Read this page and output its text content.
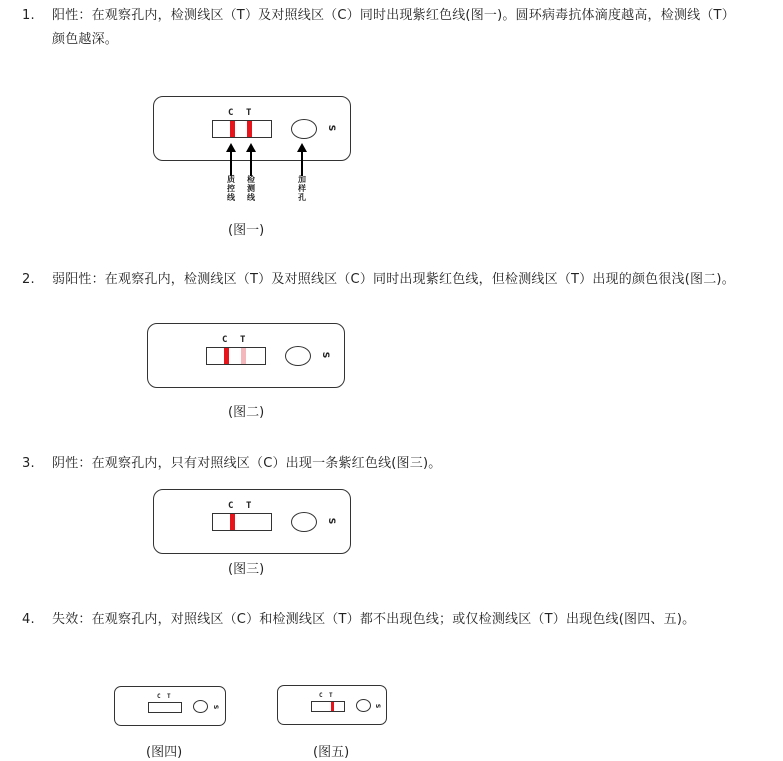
1.	阳性：在观察孔内，检测线区（T）及对照线区（C）同时出现紫红色线(图一)。圆环病毒抗体滴度越高，检测线（T）颜色越深。
C T
S
质控线
检测线
加样孔
(图一)
2.	弱阳性：在观察孔内，检测线区（T）及对照线区（C）同时出现紫红色线，但检测线区（T）出现的颜色很浅(图二)。
C T
S
(图二)
3.	阴性：在观察孔内，只有对照线区（C）出现一条紫红色线(图三)。
C T
S
(图三)
4.	失效：在观察孔内，对照线区（C）和检测线区（T）都不出现色线；或仅检测线区（T）出现色线(图四、五)。
C T
S
(图四)
C T
S
(图五)
